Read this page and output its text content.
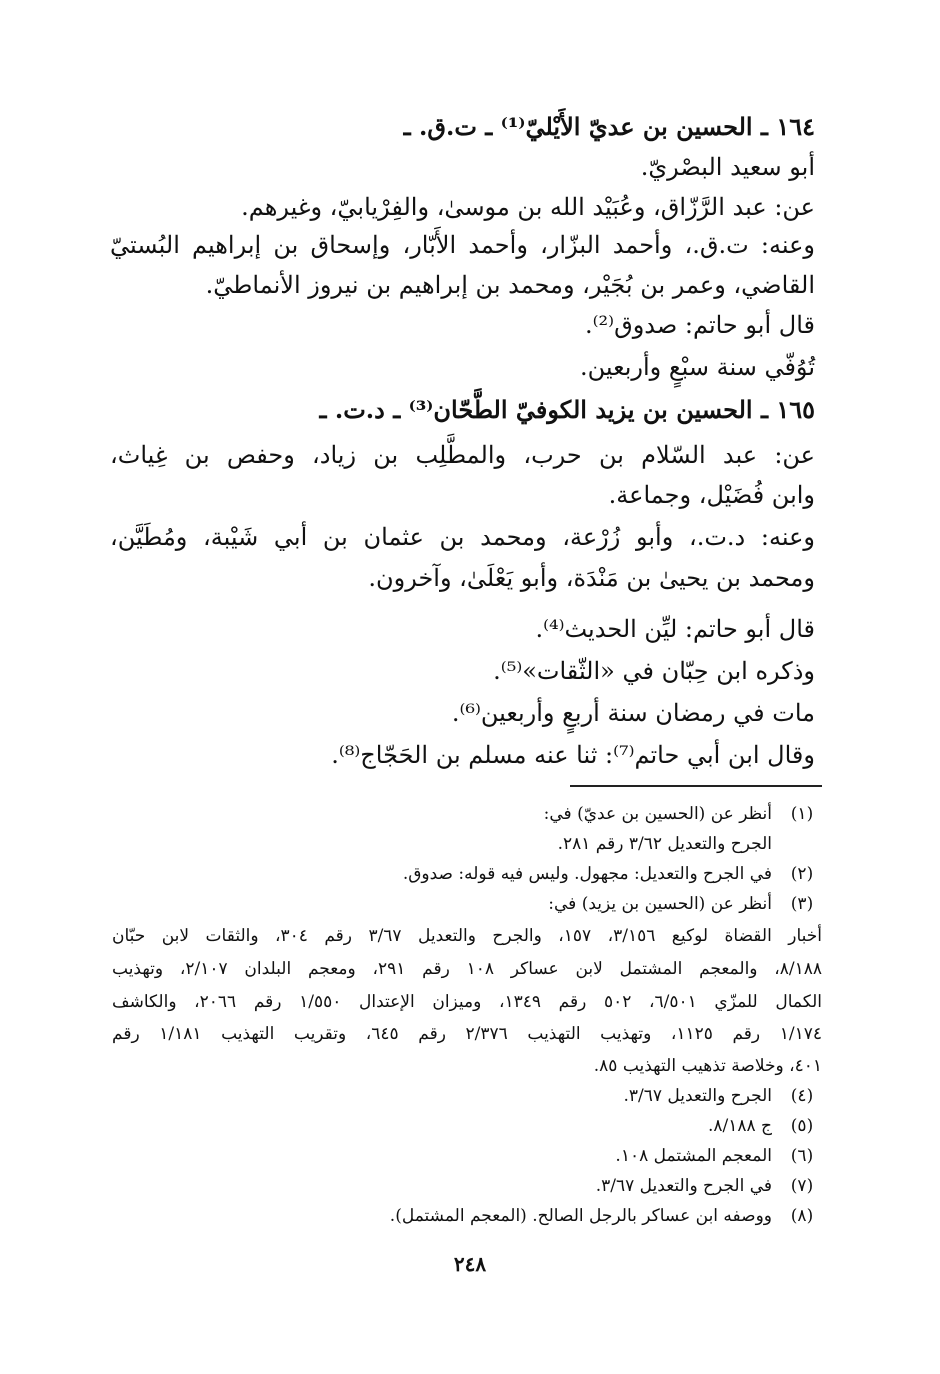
١٦٤ ـ الحسين بن عديّ الأَيْليّ⁽¹⁾ ـ ت.ق. ـ
أبو سعيد البصْريّ.
عن: عبد الرَّزّاق، وعُبَيْد الله بن موسىٰ، والفِرْيابيّ، وغيرهم.
وعنه: ت.ق.، وأحمد البزّار، وأحمد الأَبّار، وإسحاق بن إبراهيم البُستيّ
القاضي، وعمر بن بُجَيْر، ومحمد بن إبراهيم بن نيروز الأنماطيّ.
قال أبو حاتم: صدوق⁽²⁾.
تُوُفّي سنة سبْعٍ وأربعين.
١٦٥ ـ الحسين بن يزيد الكوفيّ الطَّحّان⁽³⁾ ـ د.ت. ـ
عن: عبد السّلام بن حرب، والمطَّلِب بن زياد، وحفص بن غِياث،
وابن فُضَيْل، وجماعة.
وعنه: د.ت.، وأبو زُرْعة، ومحمد بن عثمان بن أبي شَيْبة، ومُطَيَّن،
ومحمد بن يحيىٰ بن مَنْدَة، وأبو يَعْلَىٰ، وآخرون.
قال أبو حاتم: ليِّن الحديث⁽⁴⁾.
وذكره ابن حِبّان في «الثّقات»⁽⁵⁾.
مات في رمضان سنة أربعٍ وأربعين⁽⁶⁾.
وقال ابن أبي حاتم⁽⁷⁾: ثنا عنه مسلم بن الحَجّاج⁽⁸⁾.
(١)
أنظر عن (الحسين بن عديّ) في:
الجرح والتعديل ٣/٦٢ رقم ٢٨١.
(٢)
في الجرح والتعديل: مجهول. وليس فيه قوله: صدوق.
(٣)
أنظر عن (الحسين بن يزيد) في:
أخبار القضاة لوكيع ٣/١٥٦، ١٥٧، والجرح والتعديل ٣/٦٧ رقم ٣٠٤، والثقات لابن حبّان
٨/١٨٨، والمعجم المشتمل لابن عساكر ١٠٨ رقم ٢٩١، ومعجم البلدان ٢/١٠٧، وتهذيب
الكمال للمزّي ٦/٥٠١، ٥٠٢ رقم ١٣٤٩، وميزان الإعتدال ١/٥٥٠ رقم ٢٠٦٦، والكاشف
١/١٧٤ رقم ١١٢٥، وتهذيب التهذيب ٢/٣٧٦ رقم ٦٤٥، وتقريب التهذيب ١/١٨١ رقم
٤٠١، وخلاصة تذهيب التهذيب ٨٥.
(٤)
الجرح والتعديل ٣/٦٧.
(٥)
ج ٨/١٨٨.
(٦)
المعجم المشتمل ١٠٨.
(٧)
في الجرح والتعديل ٣/٦٧.
(٨)
ووصفه ابن عساكر بالرجل الصالح. (المعجم المشتمل).
٢٤٨
